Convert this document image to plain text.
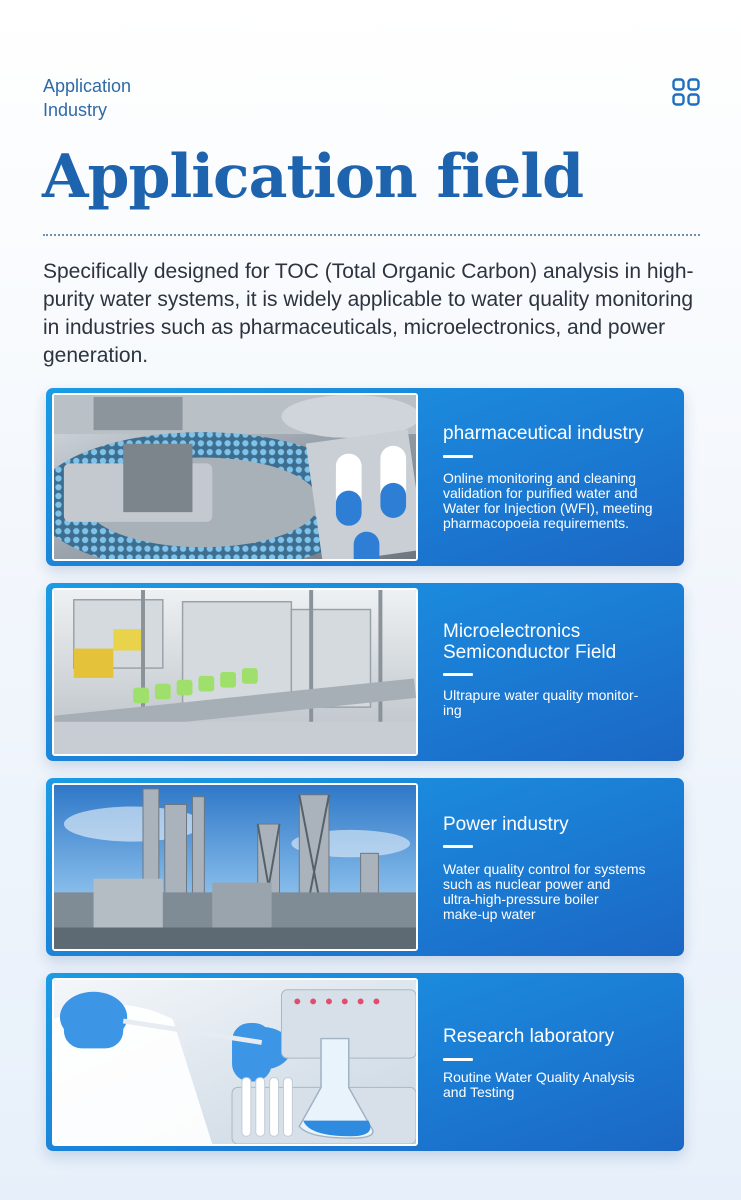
Application
Industry
Application field

Specifically designed for TOC (Total Organic Carbon) analysis in high-purity water systems, it is widely applicable to water quality monitoring in industries such as pharmaceuticals, microelectronics, and power generation.

pharmaceutical industry
Online monitoring and cleaning
validation for purified water and
Water for Injection (WFI), meeting
pharmacopoeia requirements.
Microelectronics
Semiconductor Field
Ultrapure water quality monitor-
ing
Power industry
Water quality control for systems
such as nuclear power and
ultra-high-pressure boiler
make-up water
Research laboratory
Routine Water Quality Analysis
and Testing
